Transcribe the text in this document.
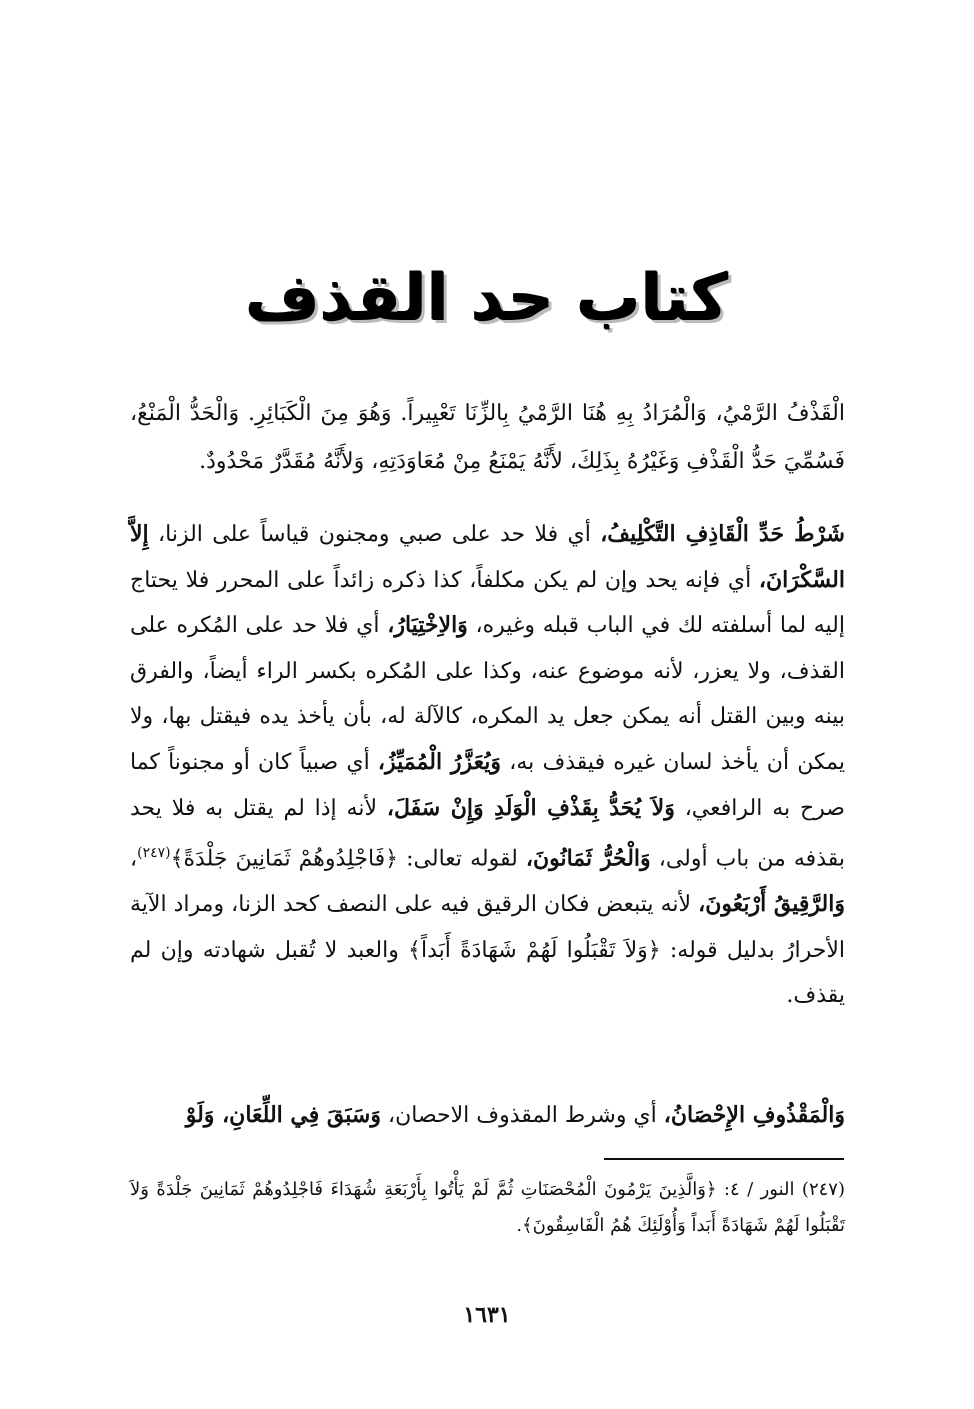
كتاب حد القذف

الْقَذْفُ الرَّمْيُ، وَالْمُرَادُ بِهِ هُنَا الرَّمْيُ بِالزِّنَا تَعْيِيراً. وَهُوَ مِنَ الْكَبَائِرِ. وَالْحَدُّ الْمَنْعُ، فَسُمِّيَ حَدُّ الْقَذْفِ وَغَيْرُهُ بِذَلِكَ، لأَنَّهُ يَمْنَعُ مِنْ مُعَاوَدَتِهِ، وَلأَنَّهُ مُقَدَّرٌ مَحْدُودٌ.

شَرْطُ حَدِّ الْقَاذِفِ التَّكْلِيفُ، أي فلا حد على صبي ومجنون قياساً على الزنا، إِلاَّ السَّكْرَانَ، أي فإنه يحد وإن لم يكن مكلفاً، كذا ذكره زائداً على المحرر فلا يحتاج إليه لما أسلفته لك في الباب قبله وغيره، وَالاِخْتِيَارُ، أي فلا حد على المُكره على القذف، ولا يعزر، لأنه موضوع عنه، وكذا على المُكره بكسر الراء أيضاً، والفرق بينه وبين القتل أنه يمكن جعل يد المكره، كالآلة له، بأن يأخذ يده فيقتل بها، ولا يمكن أن يأخذ لسان غيره فيقذف به، وَيُعَزَّرُ الْمُمَيِّزُ، أي صبياً كان أو مجنوناً كما صرح به الرافعي، وَلاَ يُحَدُّ بِقَذْفِ الْوَلَدِ وَإِنْ سَفَلَ، لأنه إذا لم يقتل به فلا يحد بقذفه من باب أولى، وَالْحُرُّ ثَمَانُونَ، لقوله تعالى: ﴿فَاجْلِدُوهُمْ ثَمَانِينَ جَلْدَةً﴾$^{(٢٤٧)}$، وَالرَّقِيقُ أَرْبَعُونَ، لأنه يتبعض فكان الرقيق فيه على النصف كحد الزنا، ومراد الآية الأحرارُ بدليل قوله: ﴿وَلاَ تَقْبَلُوا لَهُمْ شَهَادَةً أَبَداً﴾ والعبد لا تُقبل شهادته وإن لم يقذف.

وَالْمَقْذُوفِ الإِحْصَانُ، أي وشرط المقذوف الاحصان، وَسَبَقَ فِي اللِّعَانِ، وَلَوْ

(٢٤٧) النور / ٤: ﴿وَالَّذِينَ يَرْمُونَ الْمُحْصَنَاتِ ثُمَّ لَمْ يَأْتُوا بِأَرْبَعَةِ شُهَدَاءَ فَاجْلِدُوهُمْ ثَمَانِينَ جَلْدَةً وَلاَ تَقْبَلُوا لَهُمْ شَهَادَةً أَبَداً وَأُوْلَئِكَ هُمُ الْفَاسِقُونَ﴾.

١٦٣١
